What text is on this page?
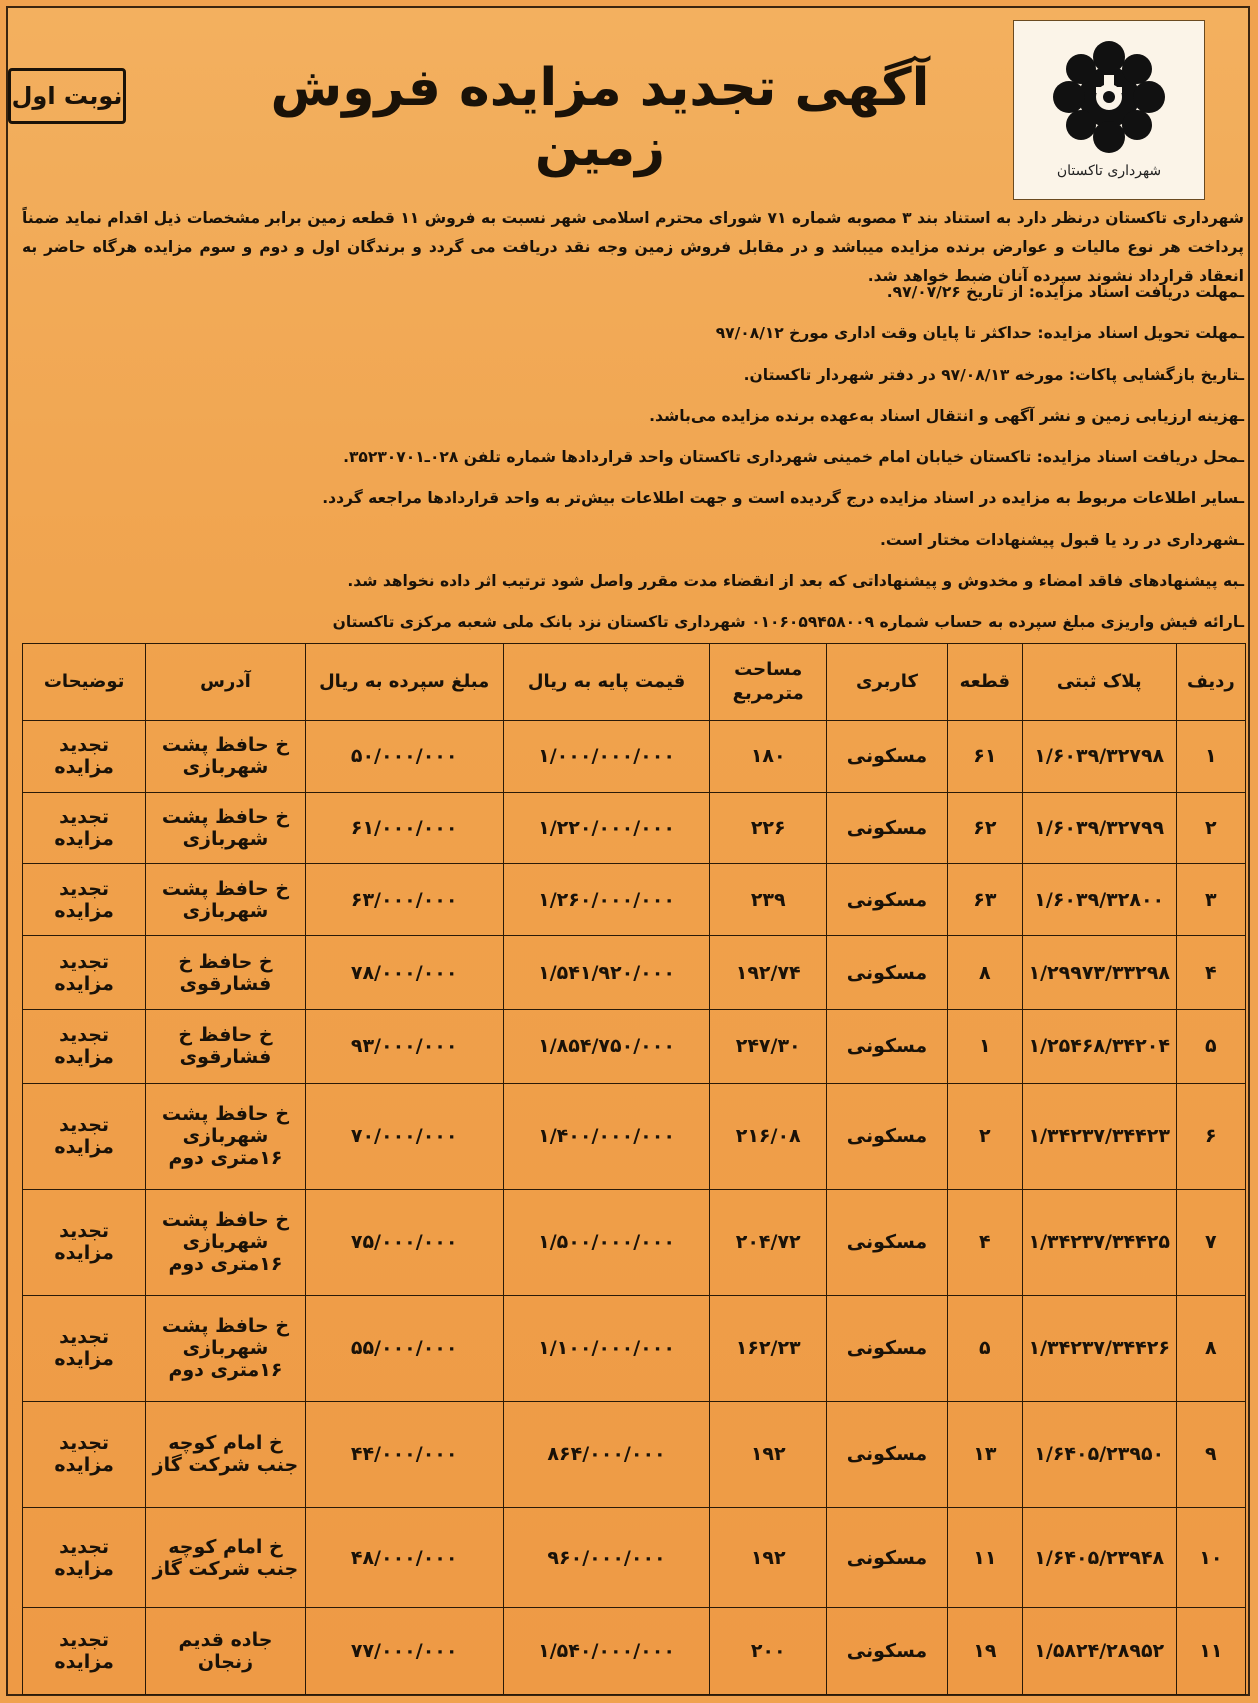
شهرداری تاکستان
آگهی تجدید مزایده فروش زمین
نوبت اول
شهرداری تاکستان درنظر دارد به استناد بند ۳ مصوبه شماره ۷۱ شورای محترم اسلامی شهر نسبت به فروش ۱۱ قطعه زمین برابر مشخصات ذیل اقدام نماید ضمناً پرداخت هر نوع مالیات و عوارض برنده مزایده میباشد و در مقابل فروش زمین وجه نقد دریافت می گردد و برندگان اول و دوم و سوم مزایده هرگاه حاضر به انعقاد قرارداد نشوند سپرده آنان ضبط خواهد شد.
ـ مهلت دریافت اسناد مزایده: از تاریخ ۹۷/۰۷/۲۶.
ـ مهلت تحویل اسناد مزایده: حداکثر تا پایان وقت اداری مورخ ۹۷/۰۸/۱۲
ـ تاریخ بازگشایی پاکات: مورخه ۹۷/۰۸/۱۳ در دفتر شهردار تاکستان.
ـ هزینه ارزیابی زمین و نشر آگهی و انتقال اسناد به‌عهده برنده مزایده می‌باشد.
ـ محل دریافت اسناد مزایده: تاکستان خیابان امام خمینی شهرداری تاکستان واحد قراردادها شماره تلفن ۰۲۸ـ۳۵۲۳۰۷۰۱.
ـ سایر اطلاعات مربوط به مزایده در اسناد مزایده درج گردیده است و جهت اطلاعات بیش‌تر به واحد قراردادها مراجعه گردد.
ـ شهرداری در رد یا قبول پیشنهادات مختار است.
ـ به پیشنهادهای فاقد امضاء و مخدوش و پیشنهاداتی که بعد از انقضاء مدت مقرر واصل شود ترتیب اثر داده نخواهد شد.
ـ ارائه فیش واریزی مبلغ سپرده به حساب شماره ۰۱۰۶۰۵۹۴۵۸۰۰۹ شهرداری تاکستان نزد بانک ملی شعبه مرکزی تاکستان
ردیف	پلاک ثبتی	قطعه	کاربری	مساحت مترمربع	قیمت پایه به ریال	مبلغ سپرده به ریال	آدرس	توضیحات
۱	۱/۶۰۳۹/۳۲۷۹۸	۶۱	مسکونی	۱۸۰	۱/۰۰۰/۰۰۰/۰۰۰	۵۰/۰۰۰/۰۰۰	خ حافظ پشت شهربازی	تجدید مزایده
۲	۱/۶۰۳۹/۳۲۷۹۹	۶۲	مسکونی	۲۲۶	۱/۲۲۰/۰۰۰/۰۰۰	۶۱/۰۰۰/۰۰۰	خ حافظ پشت شهربازی	تجدید مزایده
۳	۱/۶۰۳۹/۳۲۸۰۰	۶۳	مسکونی	۲۳۹	۱/۲۶۰/۰۰۰/۰۰۰	۶۳/۰۰۰/۰۰۰	خ حافظ پشت شهربازی	تجدید مزایده
۴	۱/۲۹۹۷۳/۳۳۲۹۸	۸	مسکونی	۱۹۲/۷۴	۱/۵۴۱/۹۲۰/۰۰۰	۷۸/۰۰۰/۰۰۰	خ حافظ خ فشارقوی	تجدید مزایده
۵	۱/۲۵۴۶۸/۳۴۲۰۴	۱	مسکونی	۲۴۷/۳۰	۱/۸۵۴/۷۵۰/۰۰۰	۹۳/۰۰۰/۰۰۰	خ حافظ خ فشارقوی	تجدید مزایده
۶	۱/۳۴۲۳۷/۳۴۴۲۳	۲	مسکونی	۲۱۶/۰۸	۱/۴۰۰/۰۰۰/۰۰۰	۷۰/۰۰۰/۰۰۰	خ حافظ پشت شهربازی ۱۶متری دوم	تجدید مزایده
۷	۱/۳۴۲۳۷/۳۴۴۲۵	۴	مسکونی	۲۰۴/۷۲	۱/۵۰۰/۰۰۰/۰۰۰	۷۵/۰۰۰/۰۰۰	خ حافظ پشت شهربازی ۱۶متری دوم	تجدید مزایده
۸	۱/۳۴۲۳۷/۳۴۴۲۶	۵	مسکونی	۱۶۲/۲۳	۱/۱۰۰/۰۰۰/۰۰۰	۵۵/۰۰۰/۰۰۰	خ حافظ پشت شهربازی ۱۶متری دوم	تجدید مزایده
۹	۱/۶۴۰۵/۲۳۹۵۰	۱۳	مسکونی	۱۹۲	۸۶۴/۰۰۰/۰۰۰	۴۴/۰۰۰/۰۰۰	خ امام کوچه جنب شرکت گاز	تجدید مزایده
۱۰	۱/۶۴۰۵/۲۳۹۴۸	۱۱	مسکونی	۱۹۲	۹۶۰/۰۰۰/۰۰۰	۴۸/۰۰۰/۰۰۰	خ امام کوچه جنب شرکت گاز	تجدید مزایده
۱۱	۱/۵۸۲۴/۲۸۹۵۲	۱۹	مسکونی	۲۰۰	۱/۵۴۰/۰۰۰/۰۰۰	۷۷/۰۰۰/۰۰۰	جاده قدیم زنجان	تجدید مزایده
